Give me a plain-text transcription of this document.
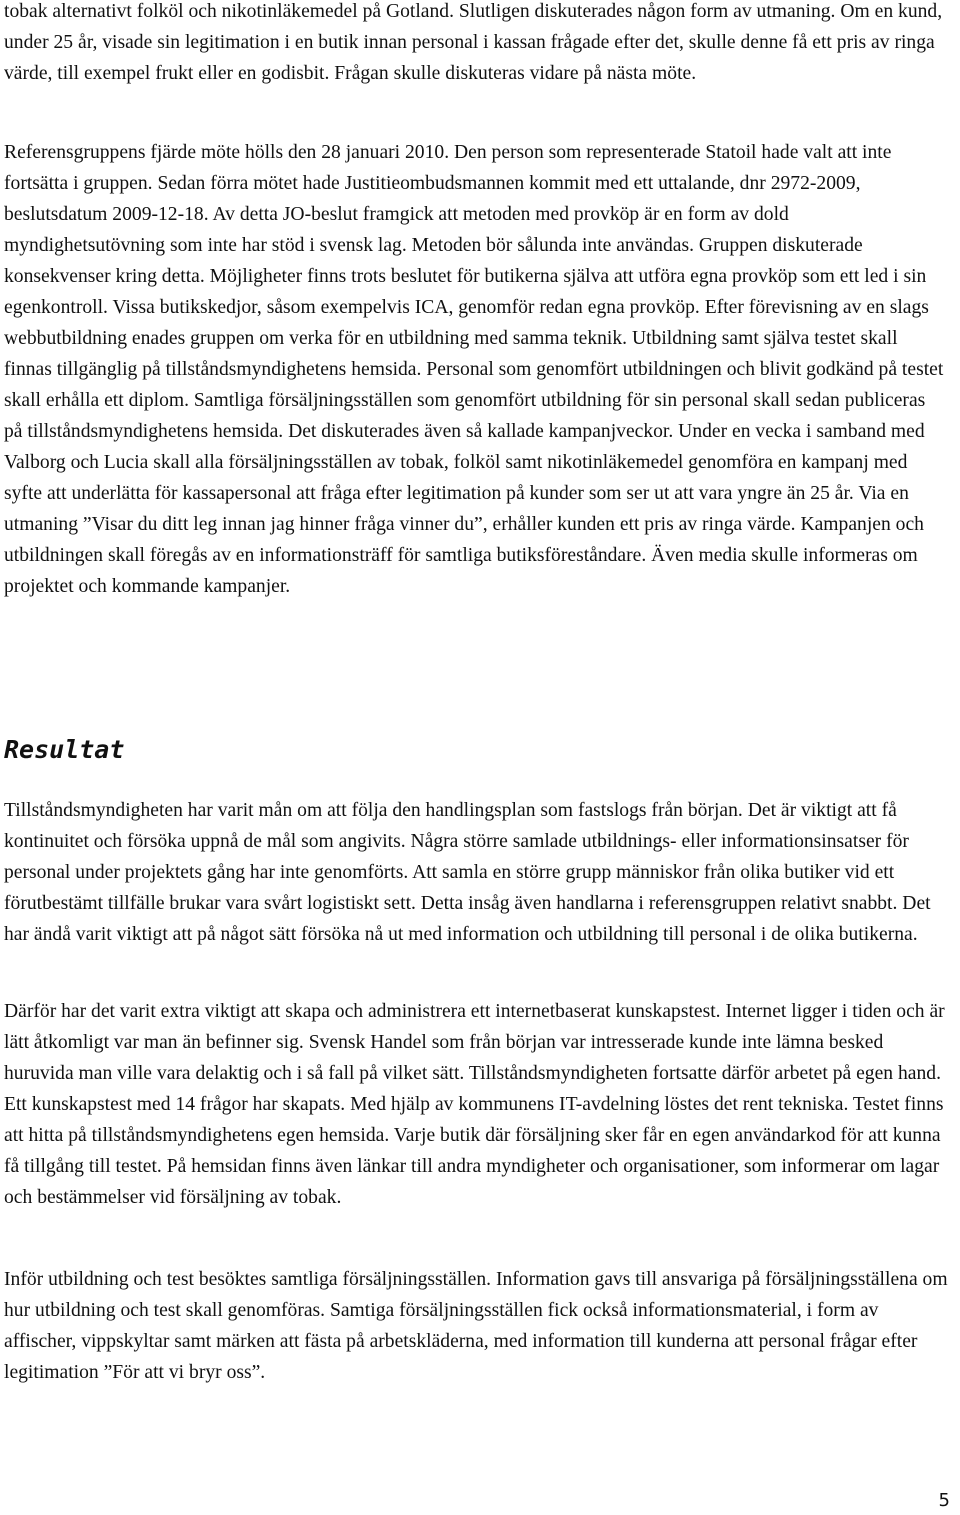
tobak alternativt folköl och nikotinläkemedel på Gotland. Slutligen diskuterades någon form av utmaning. Om en kund, under 25 år, visade sin legitimation i en butik innan personal i kassan frågade efter det, skulle denne få ett pris av ringa värde, till exempel frukt eller en godisbit. Frågan skulle diskuteras vidare på nästa möte.

Referensgruppens fjärde möte hölls den 28 januari 2010. Den person som representerade Statoil hade valt att inte fortsätta i gruppen. Sedan förra mötet hade Justitieombudsmannen kommit med ett uttalande, dnr 2972-2009, beslutsdatum 2009-12-18. Av detta JO-beslut framgick att metoden med provköp är en form av dold myndighetsutövning som inte har stöd i svensk lag. Metoden bör sålunda inte användas. Gruppen diskuterade konsekvenser kring detta. Möjligheter finns trots beslutet för butikerna själva att utföra egna provköp som ett led i sin egenkontroll. Vissa butikskedjor, såsom exempelvis ICA, genomför redan egna provköp. Efter förevisning av en slags webbutbildning enades gruppen om verka för en utbildning med samma teknik. Utbildning samt själva testet skall finnas tillgänglig på tillståndsmyndighetens hemsida. Personal som genomfört utbildningen och blivit godkänd på testet skall erhålla ett diplom. Samtliga försäljningsställen som genomfört utbildning för sin personal skall sedan publiceras på tillståndsmyndighetens hemsida. Det diskuterades även så kallade kampanjveckor. Under en vecka i samband med Valborg och Lucia skall alla försäljningsställen av tobak, folköl samt nikotinläkemedel genomföra en kampanj med syfte att underlätta för kassapersonal att fråga efter legitimation på kunder som ser ut att vara yngre än 25 år. Via en utmaning ”Visar du ditt leg innan jag hinner fråga vinner du”, erhåller kunden ett pris av ringa värde. Kampanjen och utbildningen skall föregås av en informationsträff för samtliga butiksföreståndare. Även media skulle informeras om projektet och kommande kampanjer.

Resultat

Tillståndsmyndigheten har varit mån om att följa den handlingsplan som fastslogs från början. Det är viktigt att få kontinuitet och försöka uppnå de mål som angivits. Några större samlade utbildnings- eller informationsinsatser för personal under projektets gång har inte genomförts. Att samla en större grupp människor från olika butiker vid ett förutbestämt tillfälle brukar vara svårt logistiskt sett. Detta insåg även handlarna i referensgruppen relativt snabbt. Det har ändå varit viktigt att på något sätt försöka nå ut med information och utbildning till personal i de olika butikerna.

Därför har det varit extra viktigt att skapa och administrera ett internetbaserat kunskapstest. Internet ligger i tiden och är lätt åtkomligt var man än befinner sig. Svensk Handel som från början var intresserade kunde inte lämna besked huruvida man ville vara delaktig och i så fall på vilket sätt. Tillståndsmyndigheten fortsatte därför arbetet på egen hand. Ett kunskapstest med 14 frågor har skapats. Med hjälp av kommunens IT-avdelning löstes det rent tekniska. Testet finns att hitta på tillståndsmyndighetens egen hemsida. Varje butik där försäljning sker får en egen användarkod för att kunna få tillgång till testet. På hemsidan finns även länkar till andra myndigheter och organisationer, som informerar om lagar och bestämmelser vid försäljning av tobak.

Inför utbildning och test besöktes samtliga försäljningsställen. Information gavs till ansvariga på försäljningsställena om hur utbildning och test skall genomföras. Samtiga försäljningsställen fick också informationsmaterial, i form av affischer, vippskyltar samt märken att fästa på arbetskläderna, med information till kunderna att personal frågar efter legitimation ”För att vi bryr oss”.

5
